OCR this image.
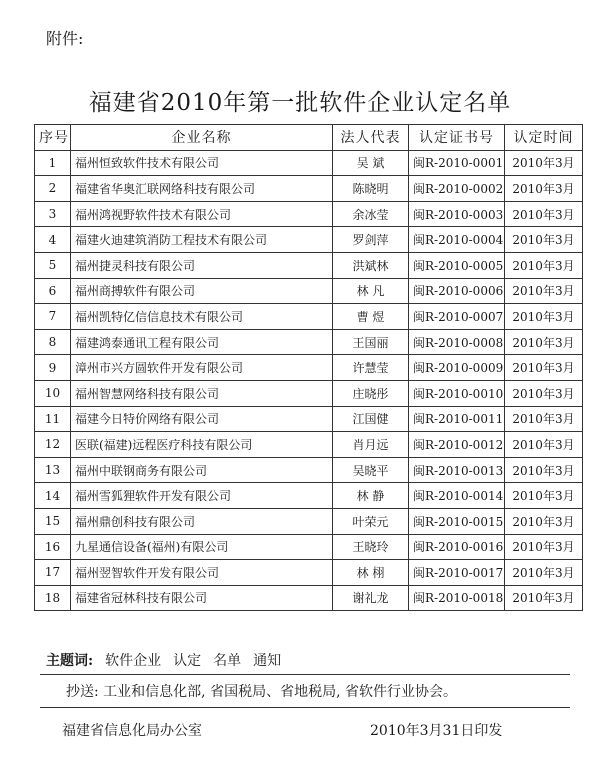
附件:
福建省2010年第一批软件企业认定名单
序号	企业名称	法人代表	认定证书号	认定时间
1	福州恒致软件技术有限公司	吴 斌	闽R-2010-0001	2010年3月
2	福建省华奥汇联网络科技有限公司	陈晓明	闽R-2010-0002	2010年3月
3	福州鸿视野软件技术有限公司	余冰莹	闽R-2010-0003	2010年3月
4	福建火迪建筑消防工程技术有限公司	罗剑萍	闽R-2010-0004	2010年3月
5	福州捷灵科技有限公司	洪斌林	闽R-2010-0005	2010年3月
6	福州商搏软件有限公司	林 凡	闽R-2010-0006	2010年3月
7	福州凯特亿信信息技术有限公司	曹 煜	闽R-2010-0007	2010年3月
8	福建鸿泰通讯工程有限公司	王国丽	闽R-2010-0008	2010年3月
9	漳州市兴方圆软件开发有限公司	许慧莹	闽R-2010-0009	2010年3月
10	福州智慧网络科技有限公司	庄晓彤	闽R-2010-0010	2010年3月
11	福建今日特价网络有限公司	江国健	闽R-2010-0011	2010年3月
12	医联(福建)远程医疗科技有限公司	肖月远	闽R-2010-0012	2010年3月
13	福州中联钢商务有限公司	吴晓平	闽R-2010-0013	2010年3月
14	福州雪狐狸软件开发有限公司	林 静	闽R-2010-0014	2010年3月
15	福州鼎创科技有限公司	叶荣元	闽R-2010-0015	2010年3月
16	九星通信设备(福州)有限公司	王晓玲	闽R-2010-0016	2010年3月
17	福州翌智软件开发有限公司	林 栩	闽R-2010-0017	2010年3月
18	福建省冠林科技有限公司	谢礼龙	闽R-2010-0018	2010年3月
主题词: 软件企业 认定 名单 通知
抄送: 工业和信息化部, 省国税局、省地税局, 省软件行业协会。
福建省信息化局办公室	2010年3月31日印发
